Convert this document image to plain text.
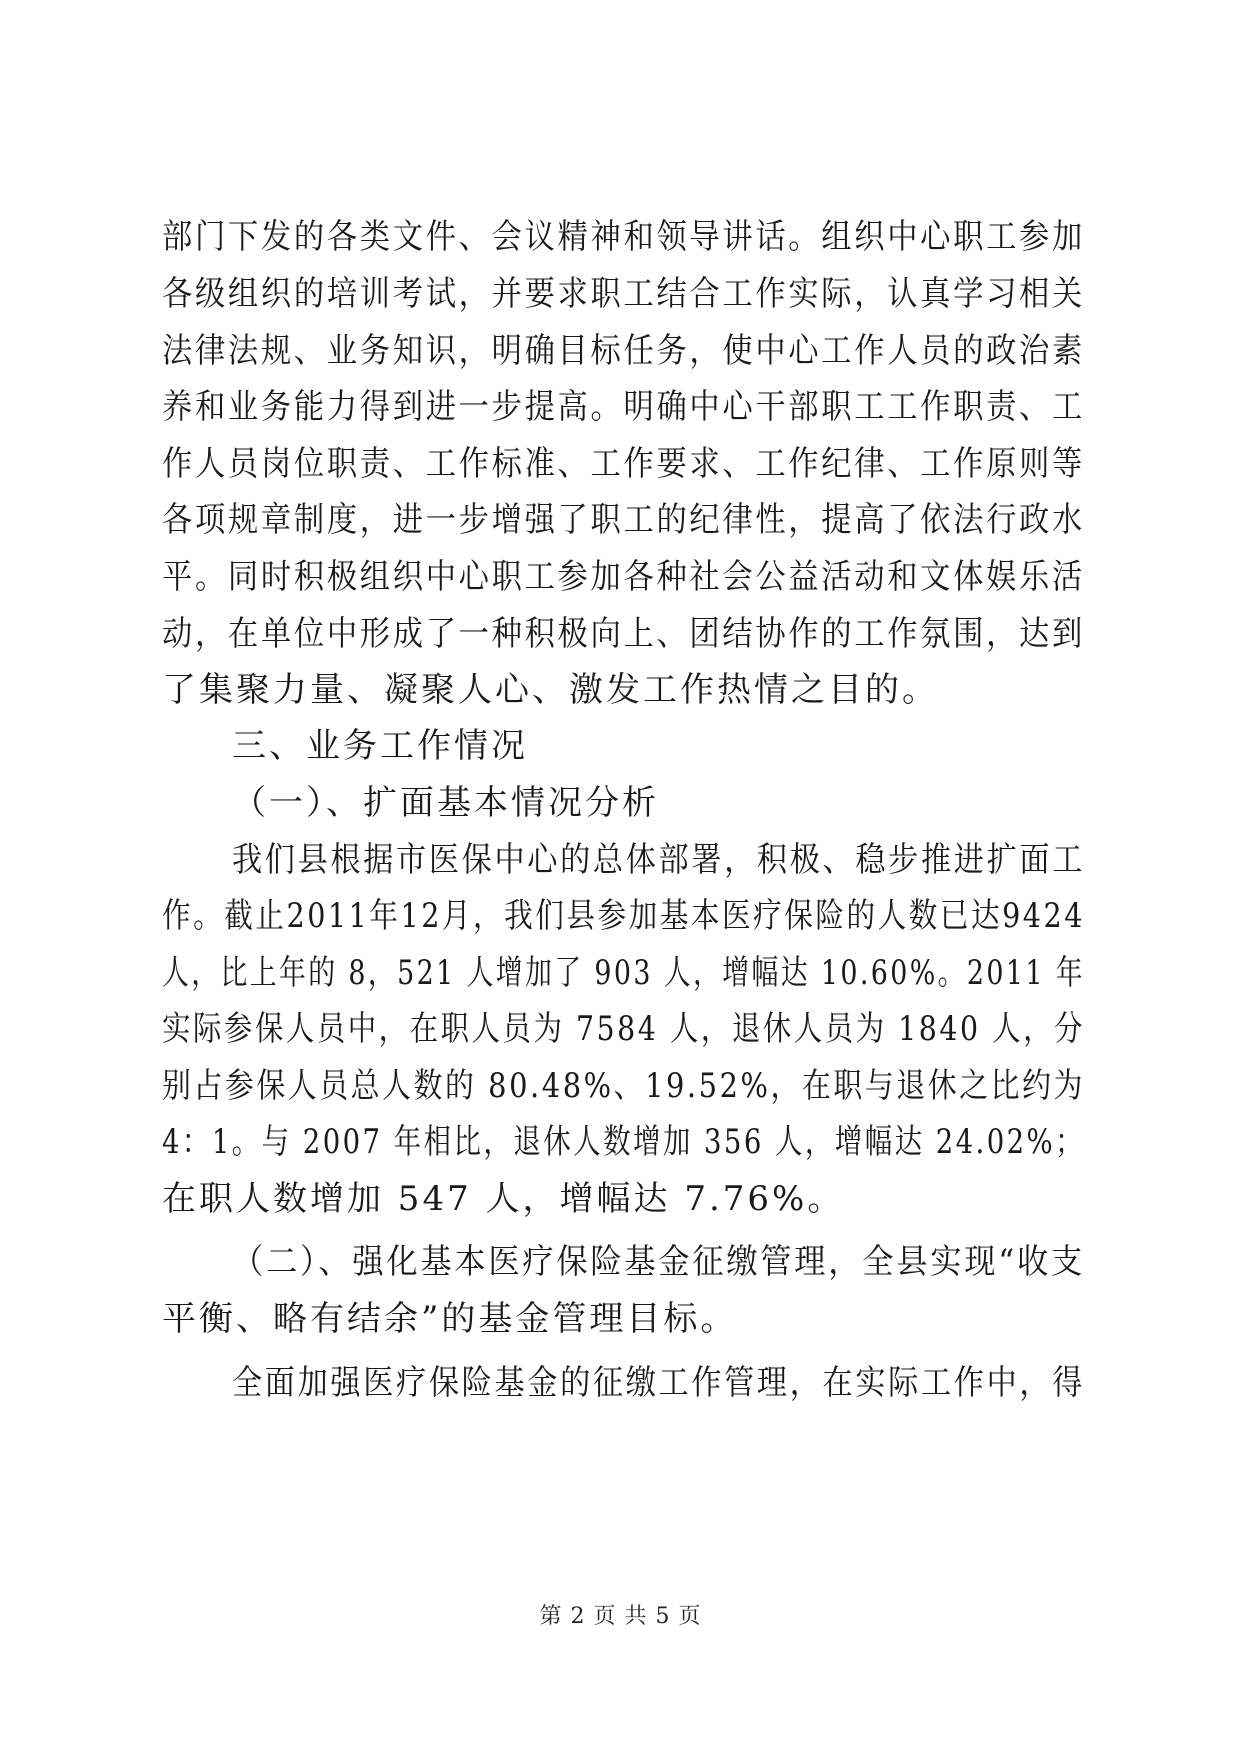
部门下发的各类文件、会议精神和领导讲话。组织中心职工参加
各级组织的培训考试，并要求职工结合工作实际，认真学习相关
法律法规、业务知识，明确目标任务，使中心工作人员的政治素
养和业务能力得到进一步提高。明确中心干部职工工作职责、工
作人员岗位职责、工作标准、工作要求、工作纪律、工作原则等
各项规章制度，进一步增强了职工的纪律性，提高了依法行政水
平。同时积极组织中心职工参加各种社会公益活动和文体娱乐活
动，在单位中形成了一种积极向上、团结协作的工作氛围，达到
了集聚力量、凝聚人心、激发工作热情之目的。
三、业务工作情况
（一）、扩面基本情况分析
我们县根据市医保中心的总体部署，积极、稳步推进扩面工
作。截止2011年12月，我们县参加基本医疗保险的人数已达9424
人，比上年的 8，521 人增加了 903 人，增幅达 10.60%。2011 年
实际参保人员中，在职人员为 7584 人，退休人员为 1840 人，分
别占参保人员总人数的 80.48%、19.52%，在职与退休之比约为
4：1。与 2007 年相比，退休人数增加 356 人，增幅达 24.02%；
在职人数增加 547 人，增幅达 7.76%。
（二）、强化基本医疗保险基金征缴管理，全县实现“收支
平衡、略有结余”的基金管理目标。
全面加强医疗保险基金的征缴工作管理，在实际工作中，得
第 2 页 共 5 页
